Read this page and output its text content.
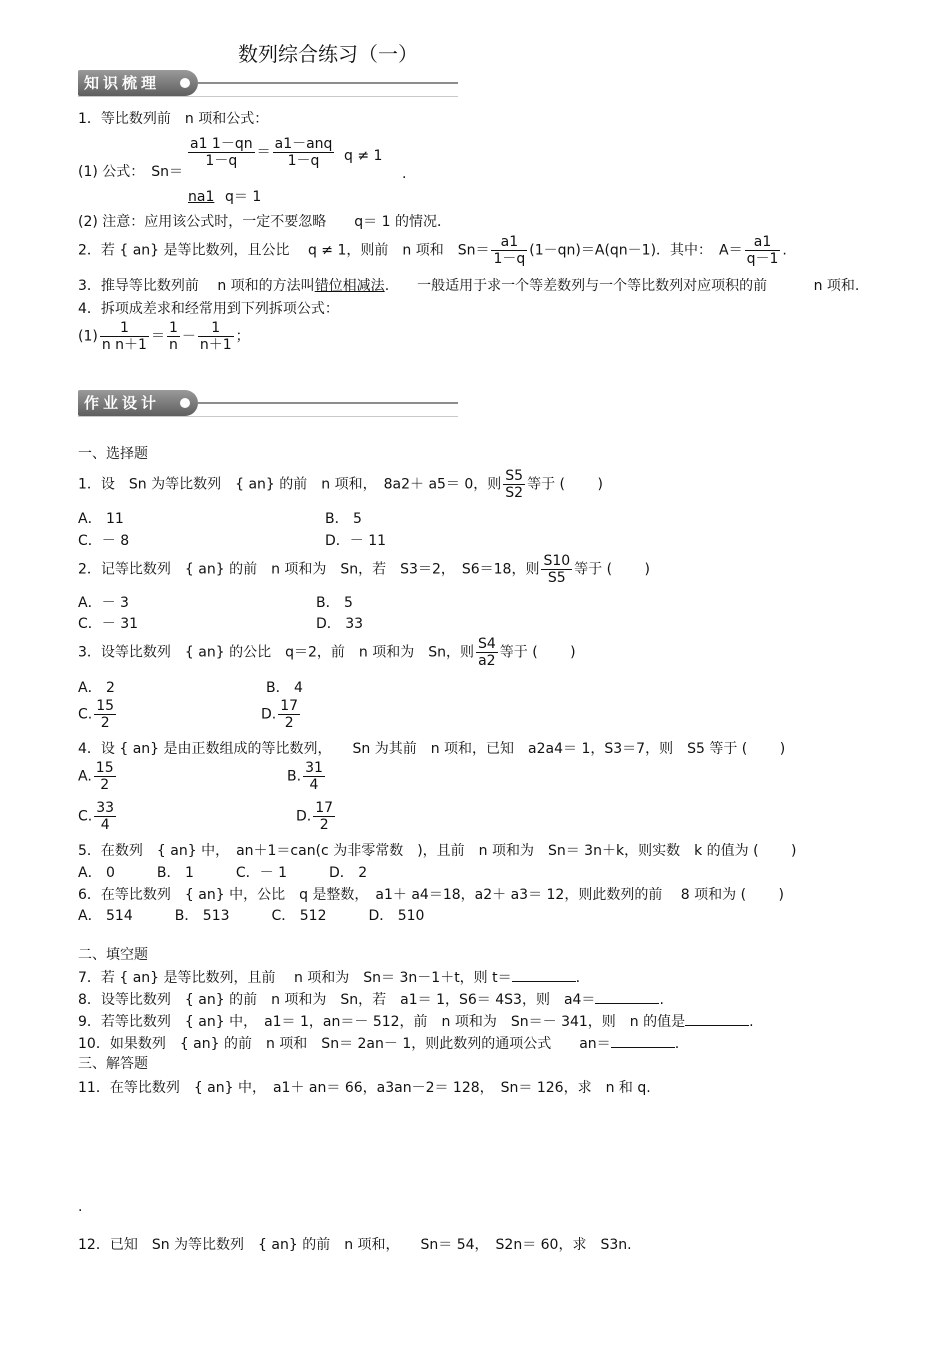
数列综合练习（一）
知识梳理
1．等比数列前　n 项和公式：
(1) 公式：　Sn＝
$\frac{a1 1-qn}{1-q} = \frac{\text{a1－anq}}{1-q}$ q ≠ 1
.
na1 q＝ 1
(2) 注意：应用该公式时，一定不要忽略　　q＝ 1 的情况．
2．若 { an} 是等比数列，且公比　 q ≠ 1，则前　n 项和　$Sn= \frac{a1}{1-q} (1-qn)=A(qn-1)$．其中：　$A= \frac{a1}{q-1}$ .
3．推导等比数列前　 n 项和的方法叫错位相减法.　　一般适用于求一个等差数列与一个等比数列对应项积的前　　　 n 项和.
4．拆项成差求和经常用到下列拆项公式：
$(1) \frac{1}{\text{n n＋1}} = \frac{1}{n} - \frac{1}{n+1}$ ；
作业设计
一、选择题
1．设　Sn 为等比数列　{ an} 的前　n 项和，　8a2＋ a5＝ 0，则 $\frac{S5}{S2}$ 等于 (　　 )
A． 11	B． 5
C．－ 8	D．－ 11
2．记等比数列　{ an} 的前　n 项和为　Sn，若　S3＝2，　S6＝18，则 $\frac{S10}{S5}$ 等于 (　　 )
A．－ 3	B． 5
C．－ 31	D． 33
3．设等比数列　{ an} 的公比　q＝2，前　n 项和为　Sn，则 $\frac{S4}{a2}$ 等于 (　　 )
A． 2	B． 4
C. $\frac{15}{2}$	D. $\frac{17}{2}$
4．设 { an} 是由正数组成的等比数列，　　Sn 为其前　n 项和，已知　a2a4＝ 1，S3＝7，则　S5 等于 (　　 )
A. $\frac{15}{2}$	B. $\frac{31}{4}$
C. $\frac{33}{4}$	D. $\frac{17}{2}$
5．在数列　{ an} 中，　an＋1＝can(c 为非零常数　)，且前　n 项和为　Sn＝ 3n＋k，则实数　k 的值为 (　　 )
A． 0　　　B． 1　　　C．－ 1　　　D． 2
6．在等比数列　{ an} 中，公比　q 是整数，　a1＋ a4＝18，a2＋ a3＝ 12，则此数列的前　 8 项和为 (　　 )
A． 514　　　B． 513　　　C． 512　　　D． 510
二、填空题
7．若 { an} 是等比数列，且前　 n 项和为　Sn＝ 3n－1＋t，则 t＝	.
8．设等比数列　{ an} 的前　n 项和为　Sn，若　a1＝ 1，S6＝ 4S3，则　a4＝	.
9．若等比数列　{ an} 中，　a1＝ 1，an＝－ 512，前　n 项和为　Sn＝－ 341，则　n 的值是	.
10．如果数列　{ an} 的前　n 项和　Sn＝ 2an－ 1，则此数列的通项公式　　an＝	.
三、解答题
11．在等比数列　{ an} 中，　a1＋ an＝ 66，a3an－2＝ 128，　Sn＝ 126，求　n 和 q.
.
12．已知　Sn 为等比数列　{ an} 的前　n 项和，　　Sn＝ 54，　S2n＝ 60，求　S3n.
